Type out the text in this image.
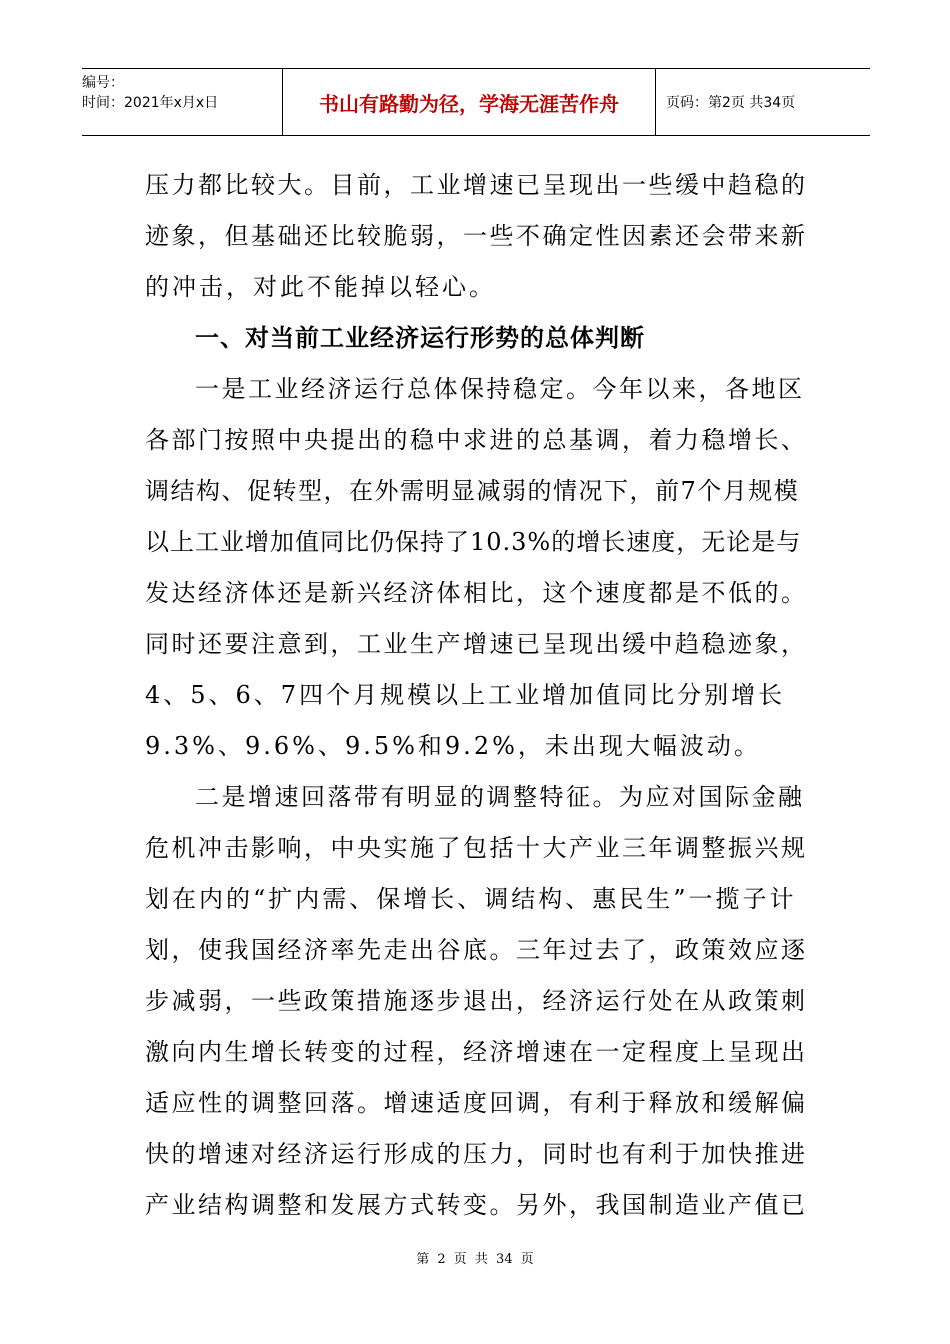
编号：
时间：2021年x月x日	书山有路勤为径，学海无涯苦作舟	页码：第2页 共34页
压力都比较大。目前，工业增速已呈现出一些缓中趋稳的
迹象，但基础还比较脆弱，一些不确定性因素还会带来新
的冲击，对此不能掉以轻心。
一、对当前工业经济运行形势的总体判断
一是工业经济运行总体保持稳定。今年以来，各地区
各部门按照中央提出的稳中求进的总基调，着力稳增长、
调结构、促转型，在外需明显减弱的情况下，前7个月规模
以上工业增加值同比仍保持了10.3%的增长速度，无论是与
发达经济体还是新兴经济体相比，这个速度都是不低的。
同时还要注意到，工业生产增速已呈现出缓中趋稳迹象，
4、5、6、7四个月规模以上工业增加值同比分别增长
9.3%、9.6%、9.5%和9.2%，未出现大幅波动。
二是增速回落带有明显的调整特征。为应对国际金融
危机冲击影响，中央实施了包括十大产业三年调整振兴规
划在内的“扩内需、保增长、调结构、惠民生”一揽子计
划，使我国经济率先走出谷底。三年过去了，政策效应逐
步减弱，一些政策措施逐步退出，经济运行处在从政策刺
激向内生增长转变的过程，经济增速在一定程度上呈现出
适应性的调整回落。增速适度回调，有利于释放和缓解偏
快的增速对经济运行形成的压力，同时也有利于加快推进
产业结构调整和发展方式转变。另外，我国制造业产值已
第 2 页 共 34 页
